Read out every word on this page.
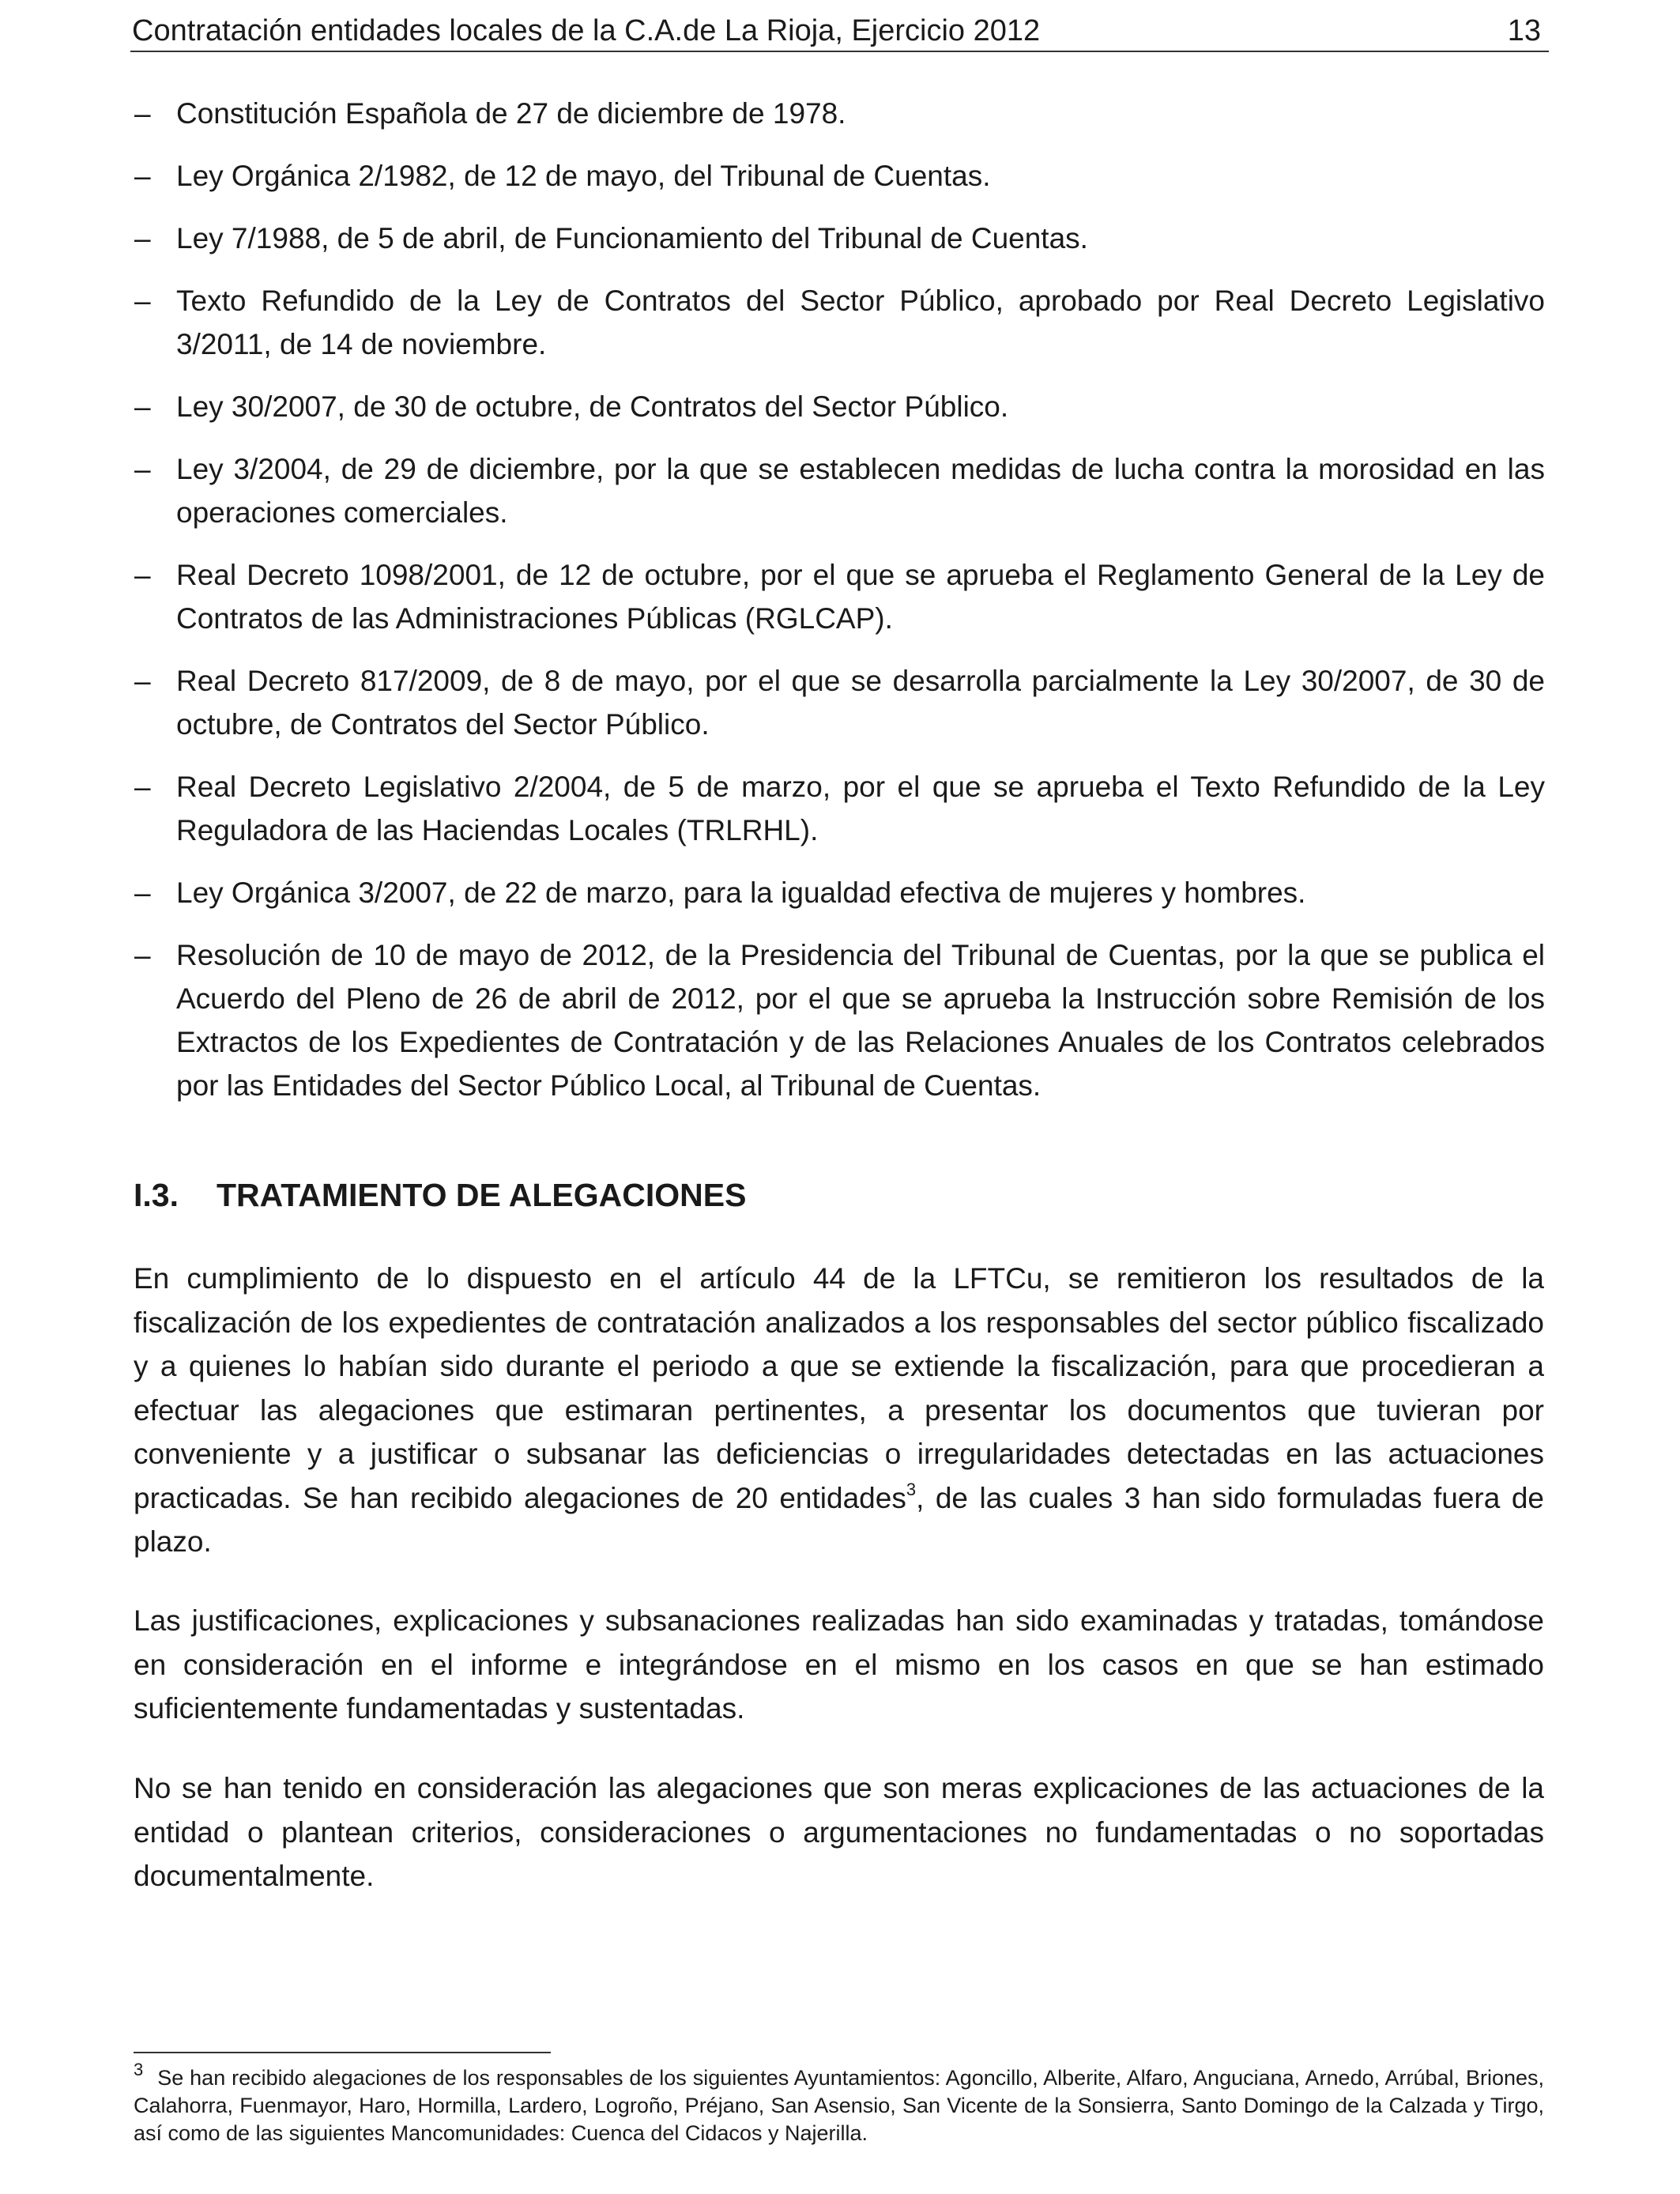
Contratación entidades locales de la C.A.de La Rioja, Ejercicio 2012	13
– Constitución Española de 27 de diciembre de 1978.
– Ley Orgánica 2/1982, de 12 de mayo, del Tribunal de Cuentas.
– Ley 7/1988, de 5 de abril, de Funcionamiento del Tribunal de Cuentas.
– Texto Refundido de la Ley de Contratos del Sector Público, aprobado por Real Decreto Legislativo 3/2011, de 14 de noviembre.
– Ley 30/2007, de 30 de octubre, de Contratos del Sector Público.
– Ley 3/2004, de 29 de diciembre, por la que se establecen medidas de lucha contra la morosidad en las operaciones comerciales.
– Real Decreto 1098/2001, de 12 de octubre, por el que se aprueba el Reglamento General de la Ley de Contratos de las Administraciones Públicas (RGLCAP).
– Real Decreto 817/2009, de 8 de mayo, por el que se desarrolla parcialmente la Ley 30/2007, de 30 de octubre, de Contratos del Sector Público.
– Real Decreto Legislativo 2/2004, de 5 de marzo, por el que se aprueba el Texto Refundido de la Ley Reguladora de las Haciendas Locales (TRLRHL).
– Ley Orgánica 3/2007, de 22 de marzo, para la igualdad efectiva de mujeres y hombres.
– Resolución de 10 de mayo de 2012, de la Presidencia del Tribunal de Cuentas, por la que se publica el Acuerdo del Pleno de 26 de abril de 2012, por el que se aprueba la Instrucción sobre Remisión de los Extractos de los Expedientes de Contratación y de las Relaciones Anuales de los Contratos celebrados por las Entidades del Sector Público Local, al Tribunal de Cuentas.
I.3. TRATAMIENTO DE ALEGACIONES

En cumplimiento de lo dispuesto en el artículo 44 de la LFTCu, se remitieron los resultados de la fiscalización de los expedientes de contratación analizados a los responsables del sector público fiscalizado y a quienes lo habían sido durante el periodo a que se extiende la fiscalización, para que procedieran a efectuar las alegaciones que estimaran pertinentes, a presentar los documentos que tuvieran por conveniente y a justificar o subsanar las deficiencias o irregularidades detectadas en las actuaciones practicadas. Se han recibido alegaciones de 20 entidades$^3$, de las cuales 3 han sido formuladas fuera de plazo.

Las justificaciones, explicaciones y subsanaciones realizadas han sido examinadas y tratadas, tomándose en consideración en el informe e integrándose en el mismo en los casos en que se han estimado suficientemente fundamentadas y sustentadas.

No se han tenido en consideración las alegaciones que son meras explicaciones de las actuaciones de la entidad o plantean criterios, consideraciones o argumentaciones no fundamentadas o no soportadas documentalmente.

$^3$ Se han recibido alegaciones de los responsables de los siguientes Ayuntamientos: Agoncillo, Alberite, Alfaro, Anguciana, Arnedo, Arrúbal, Briones, Calahorra, Fuenmayor, Haro, Hormilla, Lardero, Logroño, Préjano, San Asensio, San Vicente de la Sonsierra, Santo Domingo de la Calzada y Tirgo, así como de las siguientes Mancomunidades: Cuenca del Cidacos y Najerilla.
